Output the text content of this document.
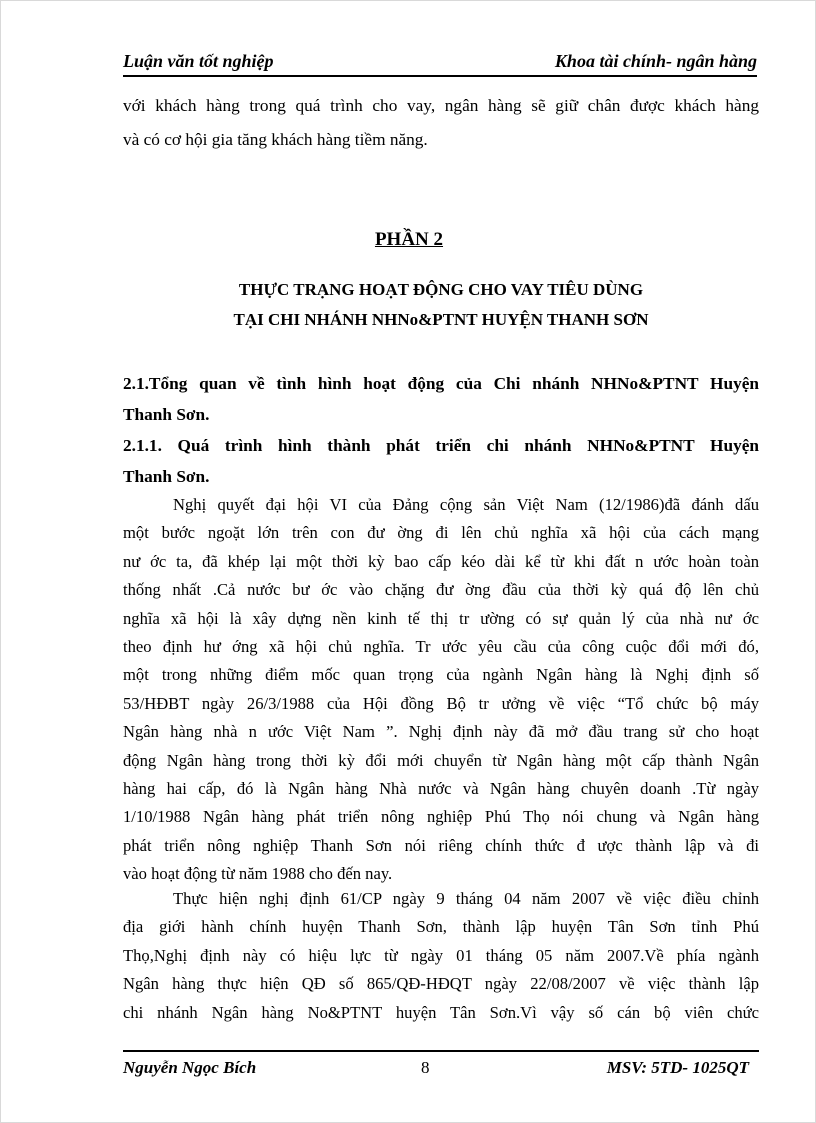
Luận văn tốt nghiệp	Khoa tài chính- ngân hàng
với khách hàng trong quá trình cho vay, ngân hàng sẽ giữ chân được khách hàng
và có cơ hội gia tăng khách hàng tiềm năng.
PHẦN 2
THỰC TRẠNG HOẠT ĐỘNG CHO VAY TIÊU DÙNG
TẠI CHI NHÁNH NHNo&PTNT HUYỆN THANH SƠN
2.1.Tổng quan về tình hình hoạt động của Chi nhánh NHNo&PTNT Huyện
Thanh Sơn.
2.1.1. Quá trình hình thành phát triển chi nhánh NHNo&PTNT Huyện
Thanh Sơn.
Nghị quyết đại hội VI của Đảng cộng sản Việt Nam (12/1986)đã đánh dấu
một bước ngoặt lớn trên con đư ờng đi lên chủ nghĩa xã hội của cách mạng
nư ớc ta, đã khép lại một thời kỳ bao cấp kéo dài kể từ khi đất n ước hoàn toàn
thống nhất .Cả nước bư ớc vào chặng đư ờng đầu của thời kỳ quá độ lên chủ
nghĩa xã hội là xây dựng nền kinh tế thị tr ường có sự quản lý của nhà nư ớc
theo định hư ớng xã hội chủ nghĩa. Tr ước yêu cầu của công cuộc đổi mới đó,
một trong những điểm mốc quan trọng của ngành Ngân hàng là Nghị định số
53/HĐBT ngày 26/3/1988 của Hội đồng Bộ tr ưởng về việc “Tổ chức bộ máy
Ngân hàng nhà n ước Việt Nam ”. Nghị định này đã mở đầu trang sử cho hoạt
động Ngân hàng trong thời kỳ đổi mới chuyển từ Ngân hàng một cấp thành Ngân
hàng hai cấp, đó là Ngân hàng Nhà nước và Ngân hàng chuyên doanh .Từ ngày
1/10/1988 Ngân hàng phát triển nông nghiệp Phú Thọ nói chung và Ngân hàng
phát triển nông nghiệp Thanh Sơn nói riêng chính thức đ ược thành lập và đi
vào hoạt động từ năm 1988 cho đến nay.
Thực hiện nghị định 61/CP ngày 9 tháng 04 năm 2007 về việc điều chỉnh
địa giới hành chính huyện Thanh Sơn, thành lập huyện Tân Sơn tỉnh Phú
Thọ,Nghị định này có hiệu lực từ ngày 01 tháng 05 năm 2007.Về phía ngành
Ngân hàng thực hiện QĐ số 865/QĐ-HĐQT ngày 22/08/2007 về việc thành lập
chi nhánh Ngân hàng No&PTNT huyện Tân Sơn.Vì vậy số cán bộ viên chức
Nguyễn Ngọc Bích	8	MSV: 5TD- 1025QT
